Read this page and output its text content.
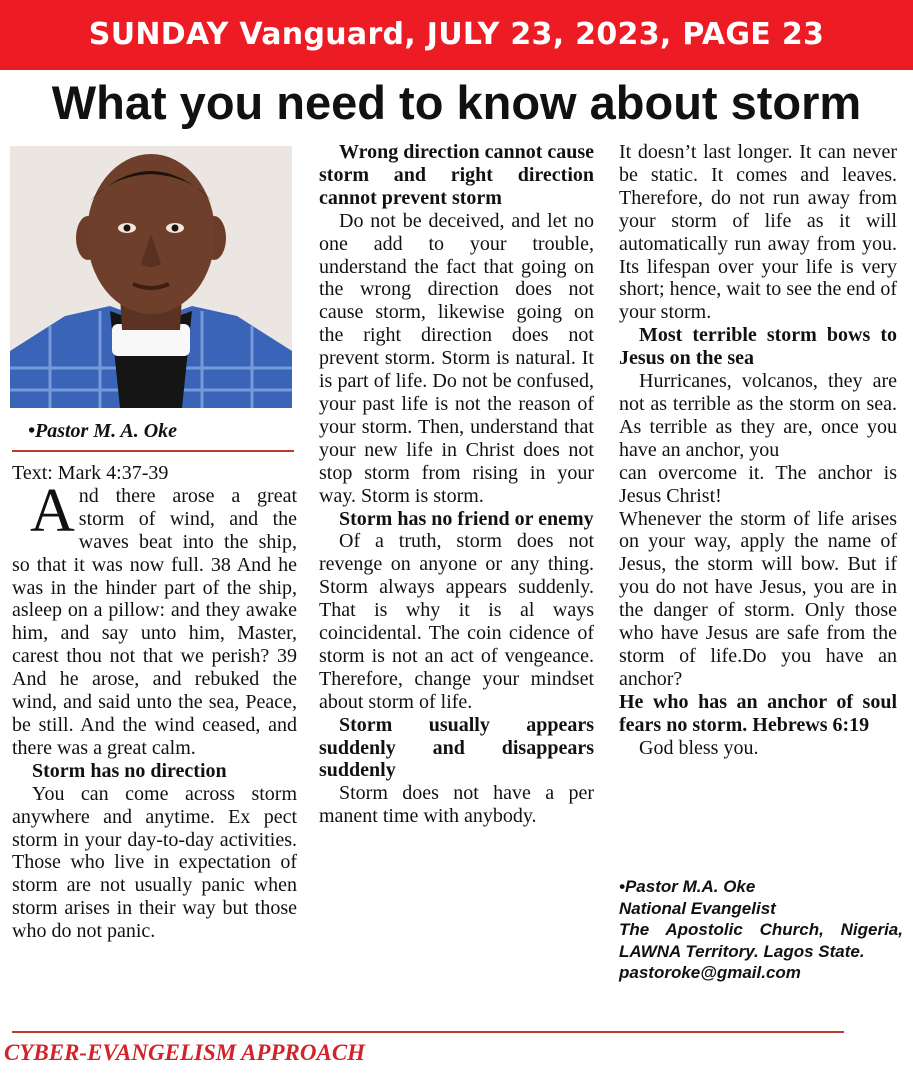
SUNDAY Vanguard, JULY 23, 2023, PAGE 23
What you need to know about storm
•Pastor M. A. Oke

Text: Mark 4:37-39

And there arose a great storm of wind, and the waves beat into the ship, so that it was now full. 38 And he was in the hinder part of the ship, asleep on a pillow: and they awake him, and say unto him, Master, carest thou not that we perish? 39 And he arose, and rebuked the wind, and said unto the sea, Peace, be still. And the wind ceased, and there was a great calm.

Storm has no direction

You can come across storm anywhere and anytime. Ex pect storm in your day-to-day activities. Those who live in expectation of storm are not usually panic when storm arises in their way but those who do not panic.

Wrong direction cannot cause storm and right direction cannot prevent storm

Do not be deceived, and let no one add to your trouble, understand the fact that going on the wrong direction does not cause storm, likewise going on the right direction does not prevent storm. Storm is natural. It is part of life. Do not be confused, your past life is not the reason of your storm. Then, understand that your new life in Christ does not stop storm from rising in your way. Storm is storm.

Storm has no friend or enemy

Of a truth, storm does not revenge on anyone or any thing. Storm always appears suddenly. That is why it is al ways coincidental. The coin cidence of storm is not an act of vengeance. Therefore, change your mindset about storm of life.

Storm usually appears suddenly and disappears suddenly

Storm does not have a per manent time with anybody.

It doesn’t last longer. It can never be static. It comes and leaves. Therefore, do not run away from your storm of life as it will automatically run away from you. Its lifespan over your life is very short; hence, wait to see the end of your storm.

Most terrible storm bows to Jesus on the sea

Hurricanes, volcanos, they are not as terrible as the storm on sea. As terrible as they are, once you have an anchor, you

can overcome it. The anchor is Jesus Christ!

Whenever the storm of life arises on your way, apply the name of Jesus, the storm will bow. But if you do not have Jesus, you are in the danger of storm. Only those who have Jesus are safe from the storm of life.Do you have an anchor?

He who has an anchor of soul fears no storm. Hebrews 6:19

God bless you.

•Pastor M.A. Oke

National Evangelist

The Apostolic Church, Nigeria, LAWNA Territory. Lagos State.

pastoroke@gmail.com

CYBER-EVANGELISM APPROACH
